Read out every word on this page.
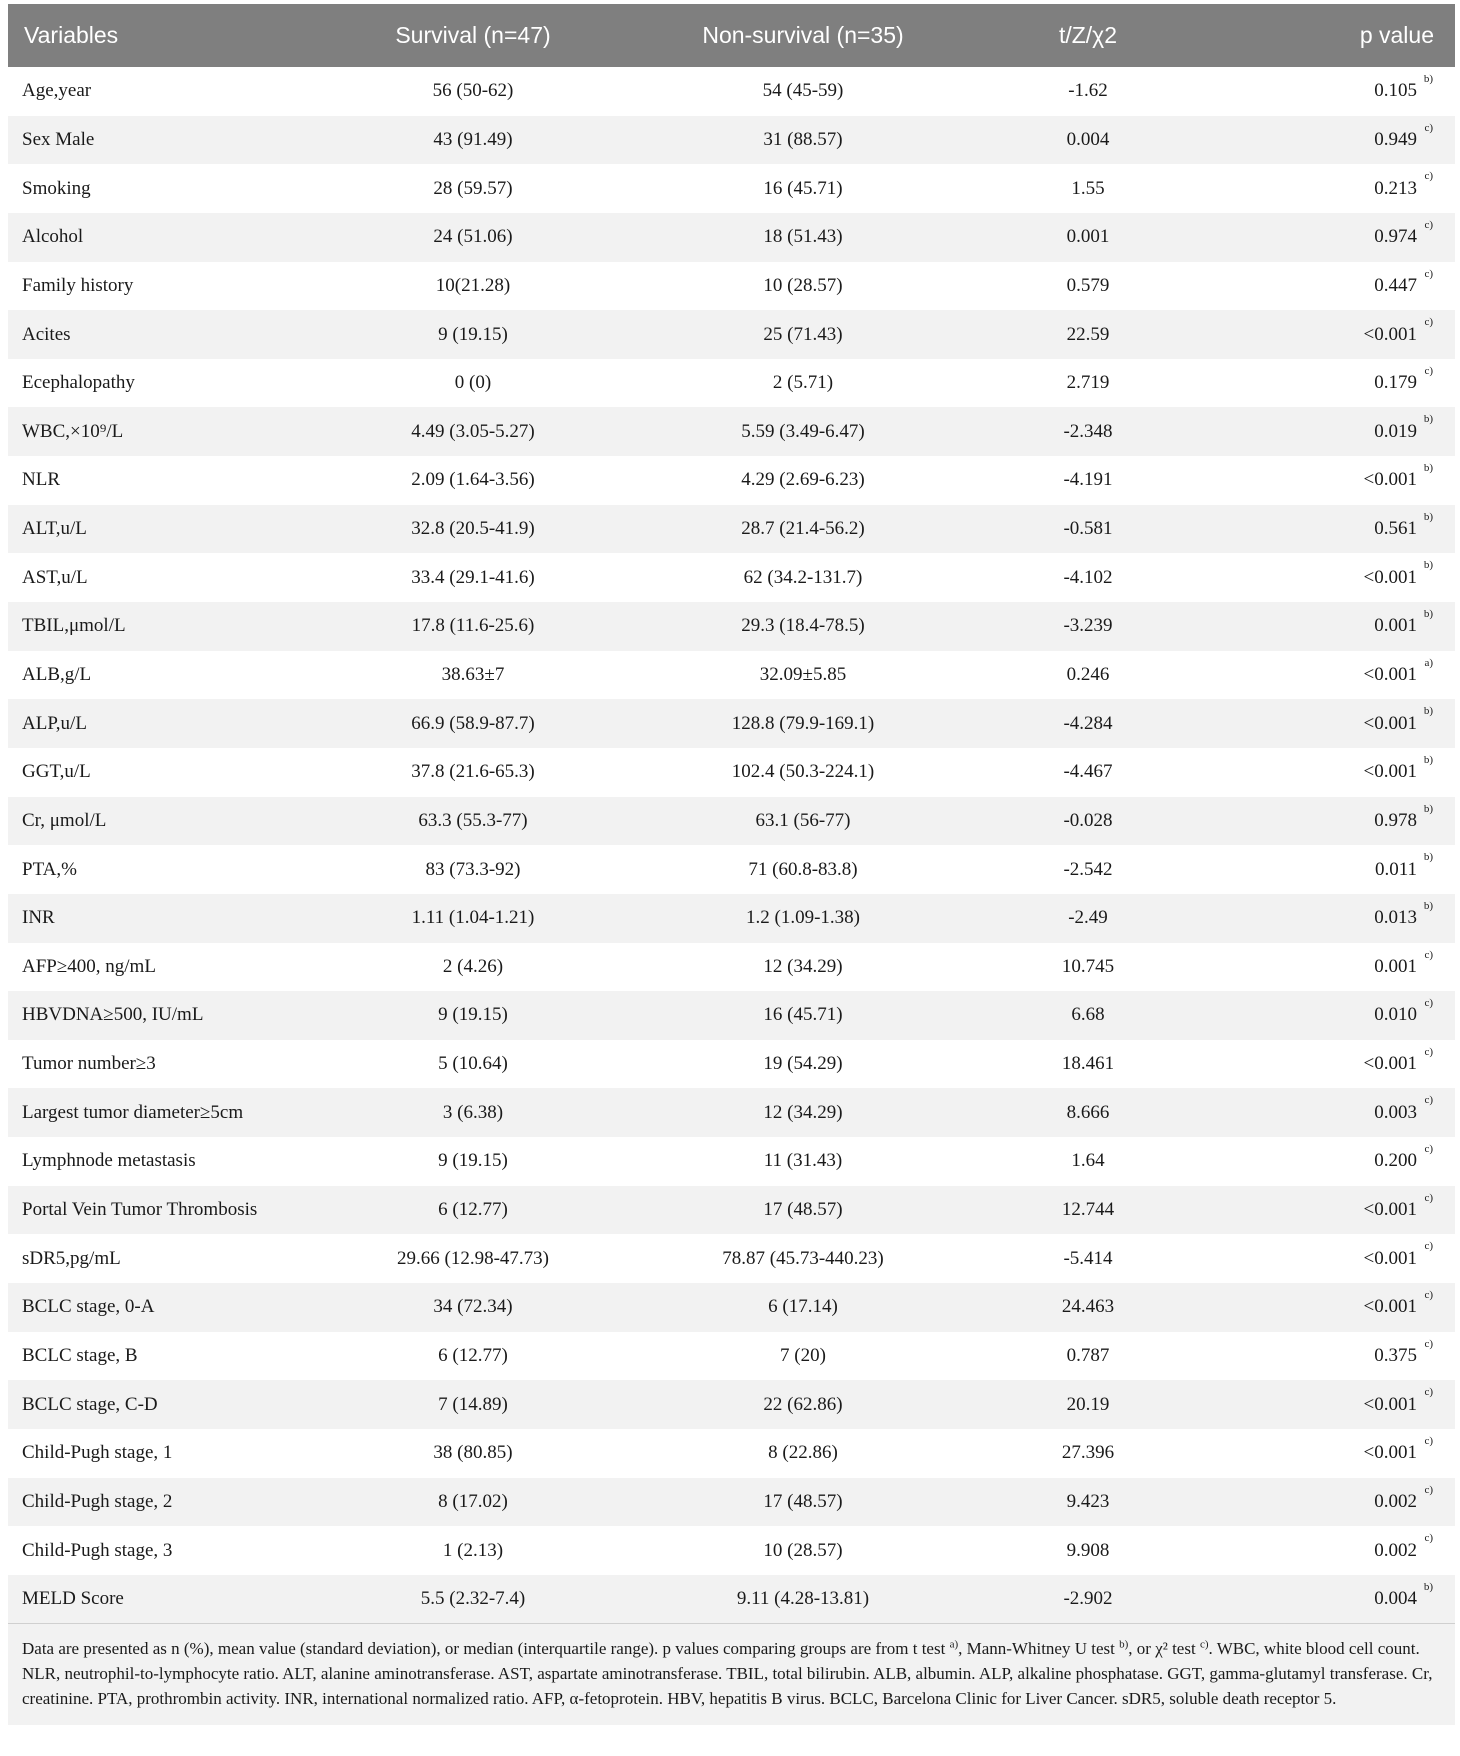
Variables	Survival (n=47)	Non-survival (n=35)	t/Z/χ2	p value
Age,year	56 (50-62)	54 (45-59)	-1.62	0.105
b)

Sex Male	43 (91.49)	31 (88.57)	0.004	0.949
c)

Smoking	28 (59.57)	16 (45.71)	1.55	0.213
c)

Alcohol	24 (51.06)	18 (51.43)	0.001	0.974
c)

Family history	10(21.28)	10 (28.57)	0.579	0.447
c)

Acites	9 (19.15)	25 (71.43)	22.59	<0.001
c)

Ecephalopathy	0 (0)	2 (5.71)	2.719	0.179
c)

WBC,×10⁹/L	4.49 (3.05-5.27)	5.59 (3.49-6.47)	-2.348	0.019
b)

NLR	2.09 (1.64-3.56)	4.29 (2.69-6.23)	-4.191	<0.001
b)

ALT,u/L	32.8 (20.5-41.9)	28.7 (21.4-56.2)	-0.581	0.561
b)

AST,u/L	33.4 (29.1-41.6)	62 (34.2-131.7)	-4.102	<0.001
b)

TBIL,μmol/L	17.8 (11.6-25.6)	29.3 (18.4-78.5)	-3.239	0.001
b)

ALB,g/L	38.63±7	32.09±5.85	0.246	<0.001
a)

ALP,u/L	66.9 (58.9-87.7)	128.8 (79.9-169.1)	-4.284	<0.001
b)

GGT,u/L	37.8 (21.6-65.3)	102.4 (50.3-224.1)	-4.467	<0.001
b)

Cr, μmol/L	63.3 (55.3-77)	63.1 (56-77)	-0.028	0.978
b)

PTA,%	83 (73.3-92)	71 (60.8-83.8)	-2.542	0.011
b)

INR	1.11 (1.04-1.21)	1.2 (1.09-1.38)	-2.49	0.013
b)

AFP≥400, ng/mL	2 (4.26)	12 (34.29)	10.745	0.001
c)

HBVDNA≥500, IU/mL	9 (19.15)	16 (45.71)	6.68	0.010
c)

Tumor number≥3	5 (10.64)	19 (54.29)	18.461	<0.001
c)

Largest tumor diameter≥5cm	3 (6.38)	12 (34.29)	8.666	0.003
c)

Lymphnode metastasis	9 (19.15)	11 (31.43)	1.64	0.200
c)

Portal Vein Tumor Thrombosis	6 (12.77)	17 (48.57)	12.744	<0.001
c)

sDR5,pg/mL	29.66 (12.98-47.73)	78.87 (45.73-440.23)	-5.414	<0.001
c)

BCLC stage, 0-A	34 (72.34)	6 (17.14)	24.463	<0.001
c)

BCLC stage, B	6 (12.77)	7 (20)	0.787	0.375
c)

BCLC stage, C-D	7 (14.89)	22 (62.86)	20.19	<0.001
c)

Child-Pugh stage, 1	38 (80.85)	8 (22.86)	27.396	<0.001
c)

Child-Pugh stage, 2	8 (17.02)	17 (48.57)	9.423	0.002
c)

Child-Pugh stage, 3	1 (2.13)	10 (28.57)	9.908	0.002
c)

MELD Score	5.5 (2.32-7.4)	9.11 (4.28-13.81)	-2.902	0.004
b)

Data are presented as n (%), mean value (standard deviation), or median (interquartile range). p values comparing groups are from t test $^{a)}$, Mann-Whitney U test $^{b)}$, or χ² test $^{c)}$. WBC, white blood cell count. NLR, neutrophil-to-lymphocyte ratio. ALT, alanine aminotransferase. AST, aspartate aminotransferase. TBIL, total bilirubin. ALB, albumin. ALP, alkaline phosphatase. GGT, gamma-glutamyl transferase. Cr, creatinine. PTA, prothrombin activity. INR, international normalized ratio. AFP, α-fetoprotein. HBV, hepatitis B virus. BCLC, Barcelona Clinic for Liver Cancer. sDR5, soluble death receptor 5.				
